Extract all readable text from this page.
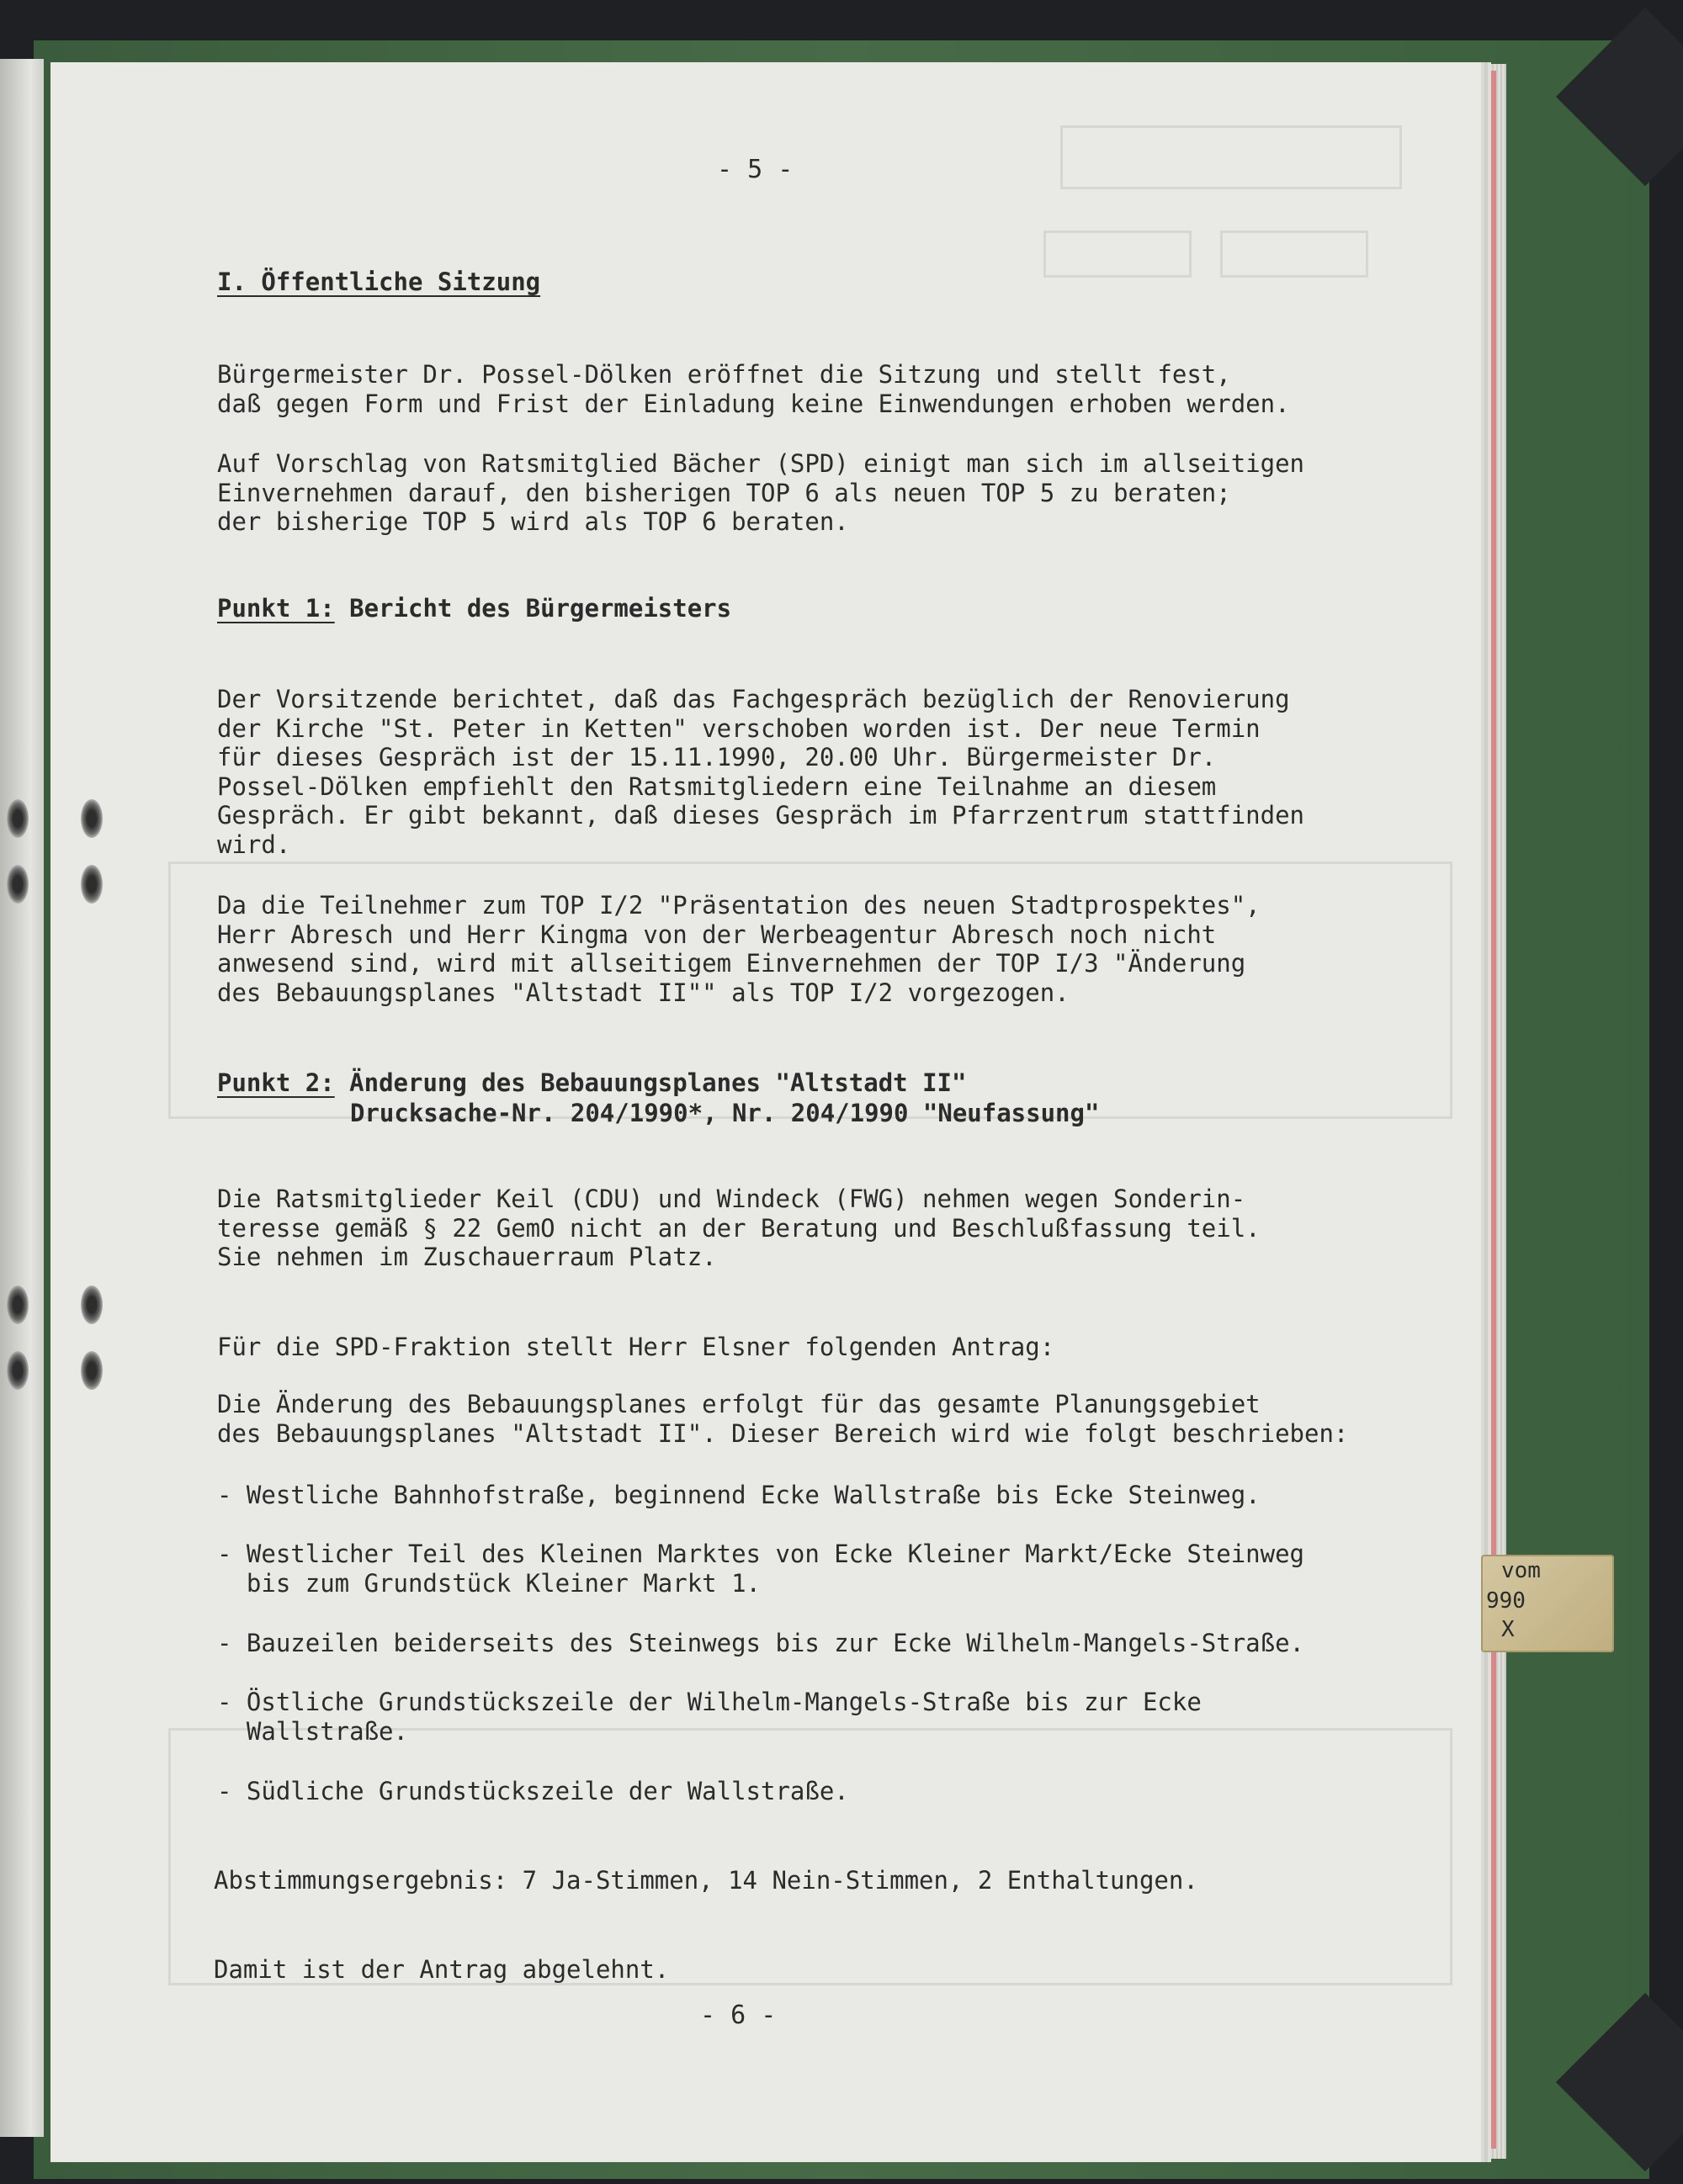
- 5 -
I. Öffentliche Sitzung
Bürgermeister Dr. Possel-Dölken eröffnet die Sitzung und stellt fest,
daß gegen Form und Frist der Einladung keine Einwendungen erhoben werden.
Auf Vorschlag von Ratsmitglied Bächer (SPD) einigt man sich im allseitigen
Einvernehmen darauf, den bisherigen TOP 6 als neuen TOP 5 zu beraten;
der bisherige TOP 5 wird als TOP 6 beraten.
Punkt 1: Bericht des Bürgermeisters
Der Vorsitzende berichtet, daß das Fachgespräch bezüglich der Renovierung
der Kirche "St. Peter in Ketten" verschoben worden ist. Der neue Termin
für dieses Gespräch ist der 15.11.1990, 20.00 Uhr. Bürgermeister Dr.
Possel-Dölken empfiehlt den Ratsmitgliedern eine Teilnahme an diesem
Gespräch. Er gibt bekannt, daß dieses Gespräch im Pfarrzentrum stattfinden
wird.
Da die Teilnehmer zum TOP I/2 "Präsentation des neuen Stadtprospektes",
Herr Abresch und Herr Kingma von der Werbeagentur Abresch noch nicht
anwesend sind, wird mit allseitigem Einvernehmen der TOP I/3 "Änderung
des Bebauungsplanes "Altstadt II"" als TOP I/2 vorgezogen.
Punkt 2: Änderung des Bebauungsplanes "Altstadt II"
Drucksache-Nr. 204/1990*, Nr. 204/1990 "Neufassung"
Die Ratsmitglieder Keil (CDU) und Windeck (FWG) nehmen wegen Sonderin-
teresse gemäß § 22 GemO nicht an der Beratung und Beschlußfassung teil.
Sie nehmen im Zuschauerraum Platz.
Für die SPD-Fraktion stellt Herr Elsner folgenden Antrag:
Die Änderung des Bebauungsplanes erfolgt für das gesamte Planungsgebiet
des Bebauungsplanes "Altstadt II". Dieser Bereich wird wie folgt beschrieben:
- Westliche Bahnhofstraße, beginnend Ecke Wallstraße bis Ecke Steinweg.
- Westlicher Teil des Kleinen Marktes von Ecke Kleiner Markt/Ecke Steinweg
bis zum Grundstück Kleiner Markt 1.
- Bauzeilen beiderseits des Steinwegs bis zur Ecke Wilhelm-Mangels-Straße.
- Östliche Grundstückszeile der Wilhelm-Mangels-Straße bis zur Ecke
Wallstraße.
- Südliche Grundstückszeile der Wallstraße.
Abstimmungsergebnis: 7 Ja-Stimmen, 14 Nein-Stimmen, 2 Enthaltungen.
Damit ist der Antrag abgelehnt.
- 6 -
vom
990
X
